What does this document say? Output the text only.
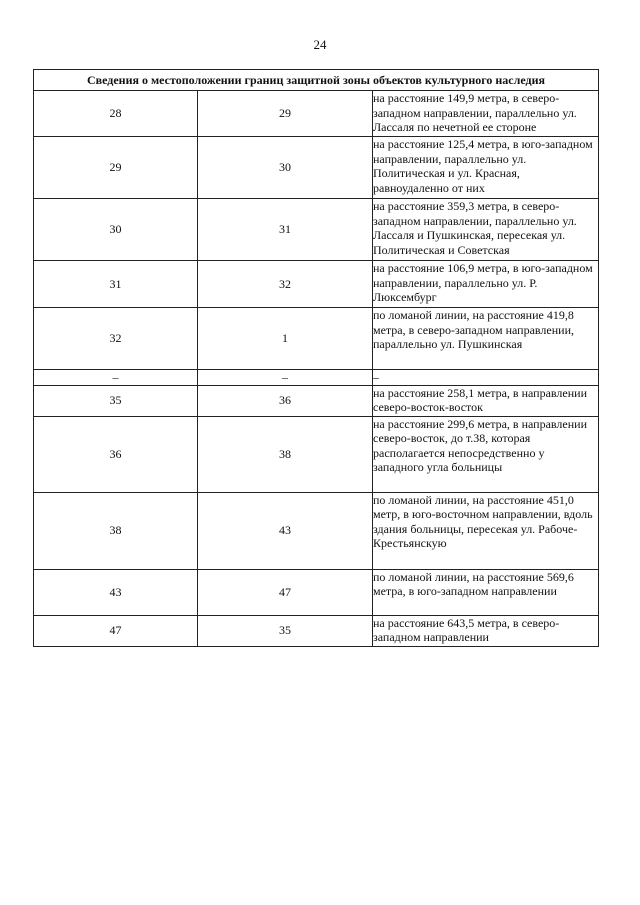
24
Сведения о местоположении границ защитной зоны объектов культурного наследия		
28	29	на расстояние 149,9 метра, в северо-западном направлении, параллельно ул. Лассаля по нечетной ее стороне
29	30	на расстояние 125,4 метра, в юго-западном направлении, параллельно ул. Политическая и ул. Красная, равноудаленно от них
30	31	на расстояние 359,3 метра, в северо-западном направлении, параллельно ул. Лассаля и Пушкинская, пересекая ул. Политическая и Советская
31	32	на расстояние 106,9 метра, в юго-западном направлении, параллельно ул. Р. Люксембург
32	1	по ломаной линии, на расстояние 419,8 метра, в северо-западном направлении, параллельно ул. Пушкинская
–	–	–
35	36	на расстояние 258,1 метра, в направлении северо-восток-восток
36	38	на расстояние 299,6 метра, в направлении северо-восток, до т.38, которая располагается непосредственно у западного угла больницы
38	43	по ломаной линии, на расстояние 451,0 метр, в юго-восточном направлении, вдоль здания больницы, пересекая ул. Рабоче-Крестьянскую
43	47	по ломаной линии, на расстояние 569,6 метра, в юго-западном направлении
47	35	на расстояние 643,5 метра, в северо-западном направлении
